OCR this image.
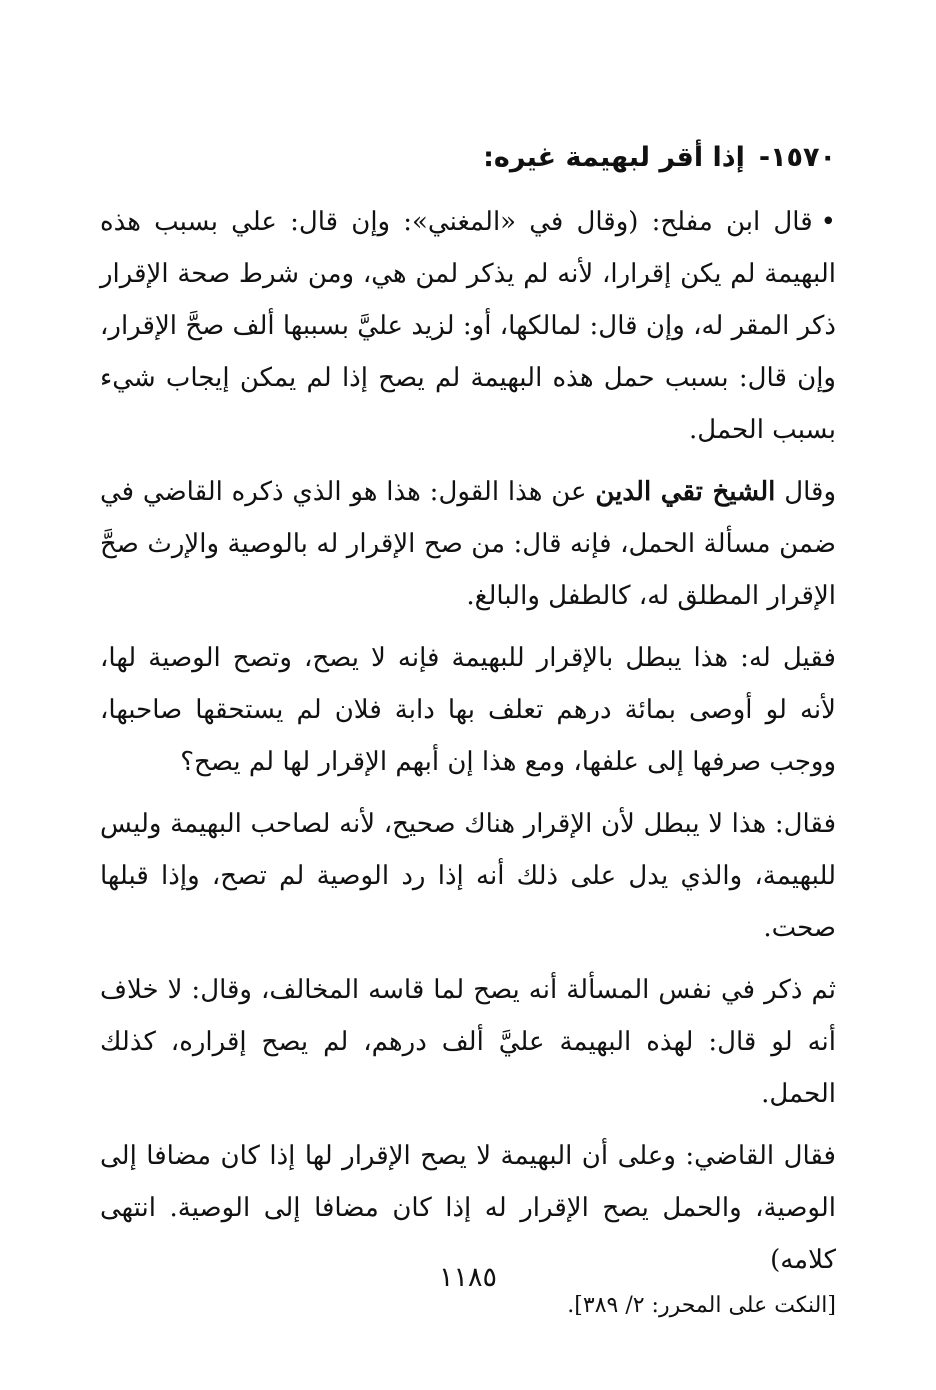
١٥٧٠-إذا أقر لبهيمة غيره:

•قال ابن مفلح: (وقال في «المغني»: وإن قال: علي بسبب هذه البهيمة لم يكن إقرارا، لأنه لم يذكر لمن هي، ومن شرط صحة الإقرار ذكر المقر له، وإن قال: لمالكها، أو: لزيد عليَّ بسببها ألف صحَّ الإقرار، وإن قال: بسبب حمل هذه البهيمة لم يصح إذا لم يمكن إيجاب شيء بسبب الحمل.

وقال الشيخ تقي الدين عن هذا القول: هذا هو الذي ذكره القاضي في ضمن مسألة الحمل، فإنه قال: من صح الإقرار له بالوصية والإرث صحَّ الإقرار المطلق له، كالطفل والبالغ.

فقيل له: هذا يبطل بالإقرار للبهيمة فإنه لا يصح، وتصح الوصية لها، لأنه لو أوصى بمائة درهم تعلف بها دابة فلان لم يستحقها صاحبها، ووجب صرفها إلى علفها، ومع هذا إن أبهم الإقرار لها لم يصح؟

فقال: هذا لا يبطل لأن الإقرار هناك صحيح، لأنه لصاحب البهيمة وليس للبهيمة، والذي يدل على ذلك أنه إذا رد الوصية لم تصح، وإذا قبلها صحت.

ثم ذكر في نفس المسألة أنه يصح لما قاسه المخالف، وقال: لا خلاف أنه لو قال: لهذه البهيمة عليَّ ألف درهم، لم يصح إقراره، كذلك الحمل.

فقال القاضي: وعلى أن البهيمة لا يصح الإقرار لها إذا كان مضافا إلى الوصية، والحمل يصح الإقرار له إذا كان مضافا إلى الوصية. انتهى كلامه)
[النكت على المحرر: ٢/ ٣٨٩].

١١٨٥
